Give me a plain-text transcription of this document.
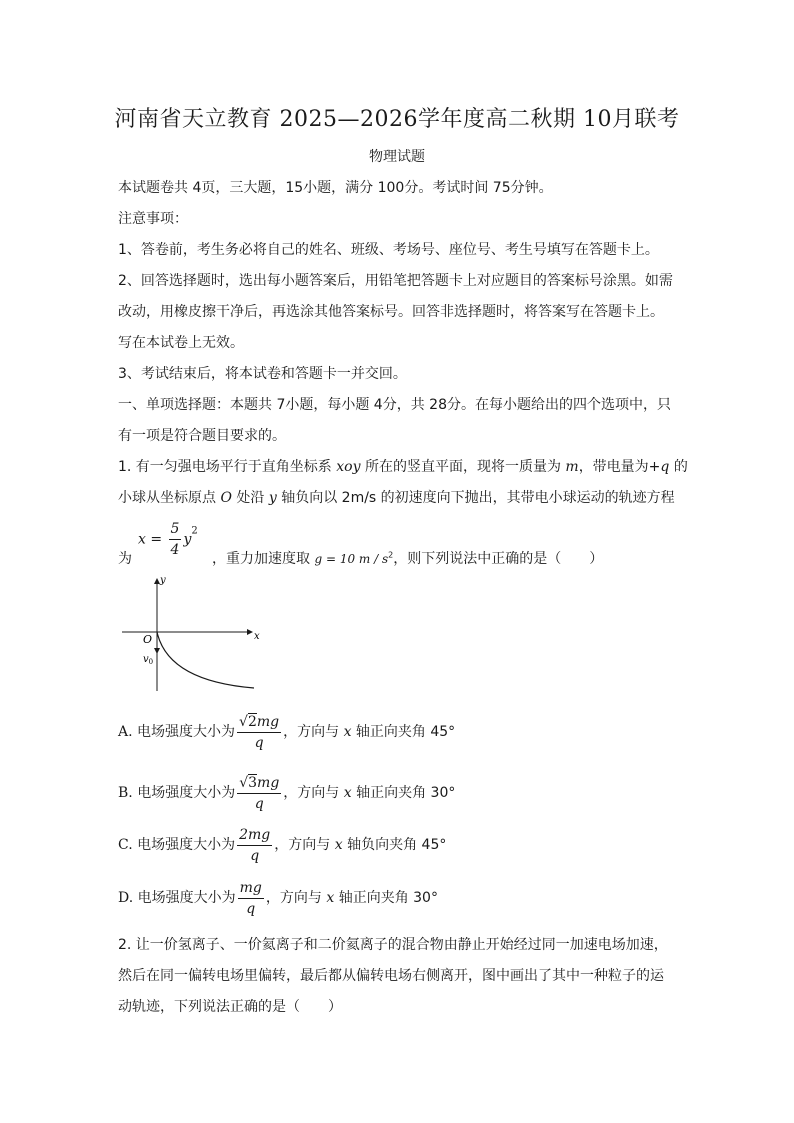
河南省天立教育 2025—2026学年度高二秋期 10月联考
物理试题
本试题卷共 4页，三大题，15小题，满分 100分。考试时间 75分钟。
注意事项：
1、答卷前，考生务必将自己的姓名、班级、考场号、座位号、考生号填写在答题卡上。
2、回答选择题时，选出每小题答案后，用铅笔把答题卡上对应题目的答案标号涂黑。如需
改动，用橡皮擦干净后，再选涂其他答案标号。回答非选择题时，将答案写在答题卡上。
写在本试卷上无效。
3、考试结束后，将本试卷和答题卡一并交回。
一、单项选择题：本题共 7小题，每小题 4分，共 28分。在每小题给出的四个选项中，只
有一项是符合题目要求的。
1. 有一匀强电场平行于直角坐标系 xoy 所在的竖直平面，现将一质量为 m，带电量为+q 的
小球从坐标原点 O 处沿 y 轴负向以 2m/s 的初速度向下抛出，其带电小球运动的轨迹方程
为
$x = \frac{5}{4} y^2$
，重力加速度取 g = 10 m / $s^2$，则下列说法中正确的是（　　）
y
x
O
$v_0$
A. 电场强度大小为 $\frac{√2mg}{q}$ ，方向与 x 轴正向夹角 45°
B. 电场强度大小为 $\frac{√3mg}{q}$ ，方向与 x 轴正向夹角 30°
C. 电场强度大小为 $\frac{2mg}{q}$ ，方向与 x 轴负向夹角 45°
D. 电场强度大小为 $\frac{mg}{q}$ ，方向与 x 轴正向夹角 30°
2. 让一价氢离子、一价氦离子和二价氦离子的混合物由静止开始经过同一加速电场加速，
然后在同一偏转电场里偏转，最后都从偏转电场右侧离开，图中画出了其中一种粒子的运
动轨迹，下列说法正确的是（　　）
